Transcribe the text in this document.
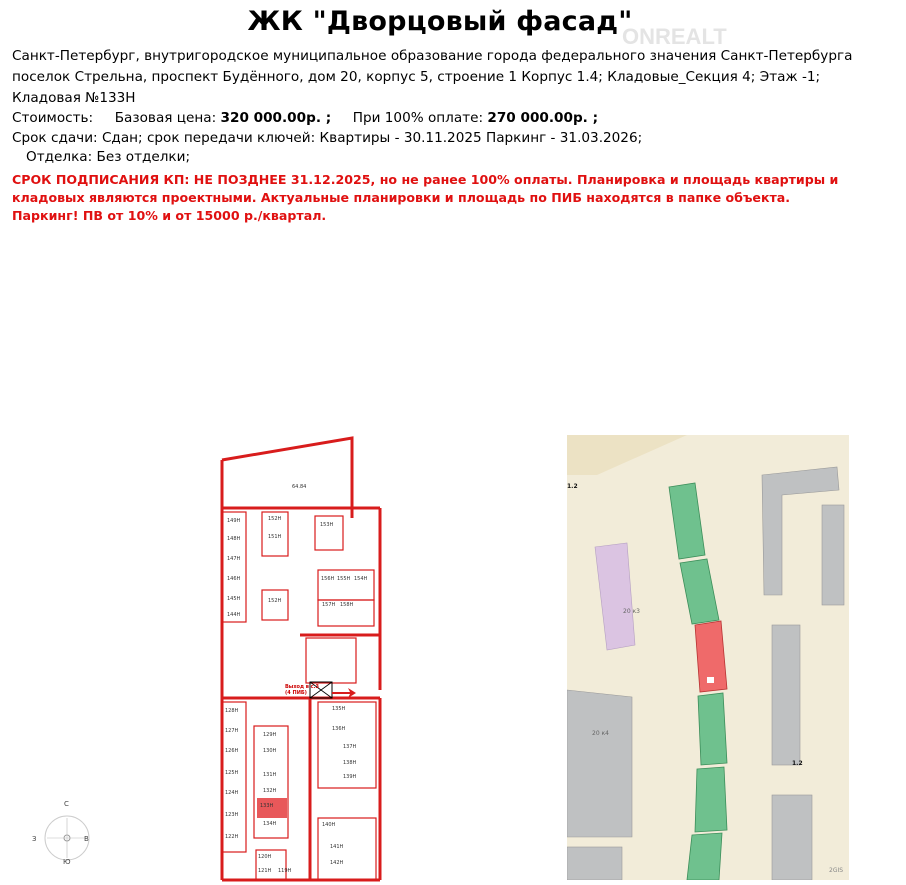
ЖК "Дворцовый фасад"
ONREALT
Санкт-Петербург, внутригородское муниципальное образование города федерального значения Санкт-Петербурга
поселок Стрельна, проспект Будённого, дом 20, корпус 5, строение 1 Корпус 1.4; Кладовые_Секция 4; Этаж -1;
Кладовая №133Н
Стоимость: Базовая цена: 320 000.00р. ; При 100% оплате: 270 000.00р. ;
Срок сдачи: Сдан; срок передачи ключей: Квартиры - 30.11.2025 Паркинг - 31.03.2026;
Отделка: Без отделки;
СРОК ПОДПИСАНИЯ КП: НЕ ПОЗДНЕЕ 31.12.2025, но не ранее 100% оплаты. Планировка и площадь квартиры и
кладовых являются проектными. Актуальные планировки и площадь по ПИБ находятся в папке объекта.
Паркинг! ПВ от 10% и от 15000 р./квартал.
64.84
Выход в с.3
(4 ПИБ)
149Н
148Н
147Н
146Н
145Н
144Н
152Н
151Н
152Н
153Н
156Н 155Н 154Н
157Н 158Н
128Н
127Н
126Н
125Н
124Н
123Н
122Н
129Н
130Н
131Н
132Н
133Н
134Н
120Н
121Н 119Н
135Н
136Н
137Н
138Н
139Н
140Н
141Н
142Н
1.2
1.2
20 к3
20 к4
2GIS
С
Ю
З	В
